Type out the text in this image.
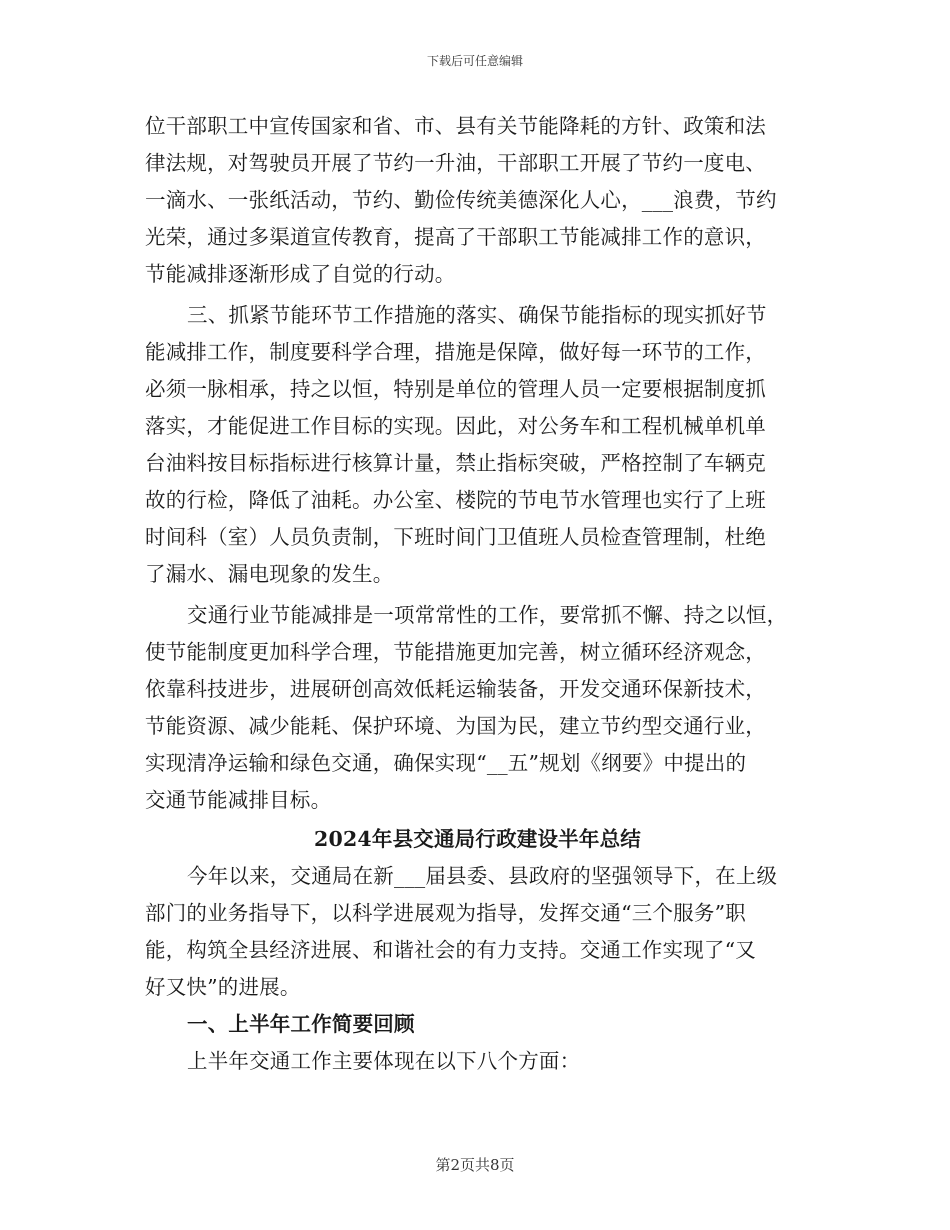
下载后可任意编辑
位干部职工中宣传国家和省、市、县有关节能降耗的方针、政策和法
律法规，对驾驶员开展了节约一升油，干部职工开展了节约一度电、
一滴水、一张纸活动，节约、勤俭传统美德深化人心，___浪费，节约
光荣，通过多渠道宣传教育，提高了干部职工节能减排工作的意识，
节能减排逐渐形成了自觉的行动。
三、抓紧节能环节工作措施的落实、确保节能指标的现实抓好节
能减排工作，制度要科学合理，措施是保障，做好每一环节的工作，
必须一脉相承，持之以恒，特别是单位的管理人员一定要根据制度抓
落实，才能促进工作目标的实现。因此，对公务车和工程机械单机单
台油料按目标指标进行核算计量，禁止指标突破，严格控制了车辆克
故的行检，降低了油耗。办公室、楼院的节电节水管理也实行了上班
时间科（室）人员负责制，下班时间门卫值班人员检查管理制，杜绝
了漏水、漏电现象的发生。
交通行业节能减排是一项常常性的工作，要常抓不懈、持之以恒，
使节能制度更加科学合理，节能措施更加完善，树立循环经济观念，
依靠科技进步，进展研创高效低耗运输装备，开发交通环保新技术，
节能资源、减少能耗、保护环境、为国为民，建立节约型交通行业，
实现清净运输和绿色交通，确保实现“__五”规划《纲要》中提出的
交通节能减排目标。
2024年县交通局行政建设半年总结
今年以来，交通局在新___届县委、县政府的坚强领导下，在上级
部门的业务指导下，以科学进展观为指导，发挥交通“三个服务”职
能，构筑全县经济进展、和谐社会的有力支持。交通工作实现了“又
好又快”的进展。
一、上半年工作简要回顾
上半年交通工作主要体现在以下八个方面：
第2页共8页
